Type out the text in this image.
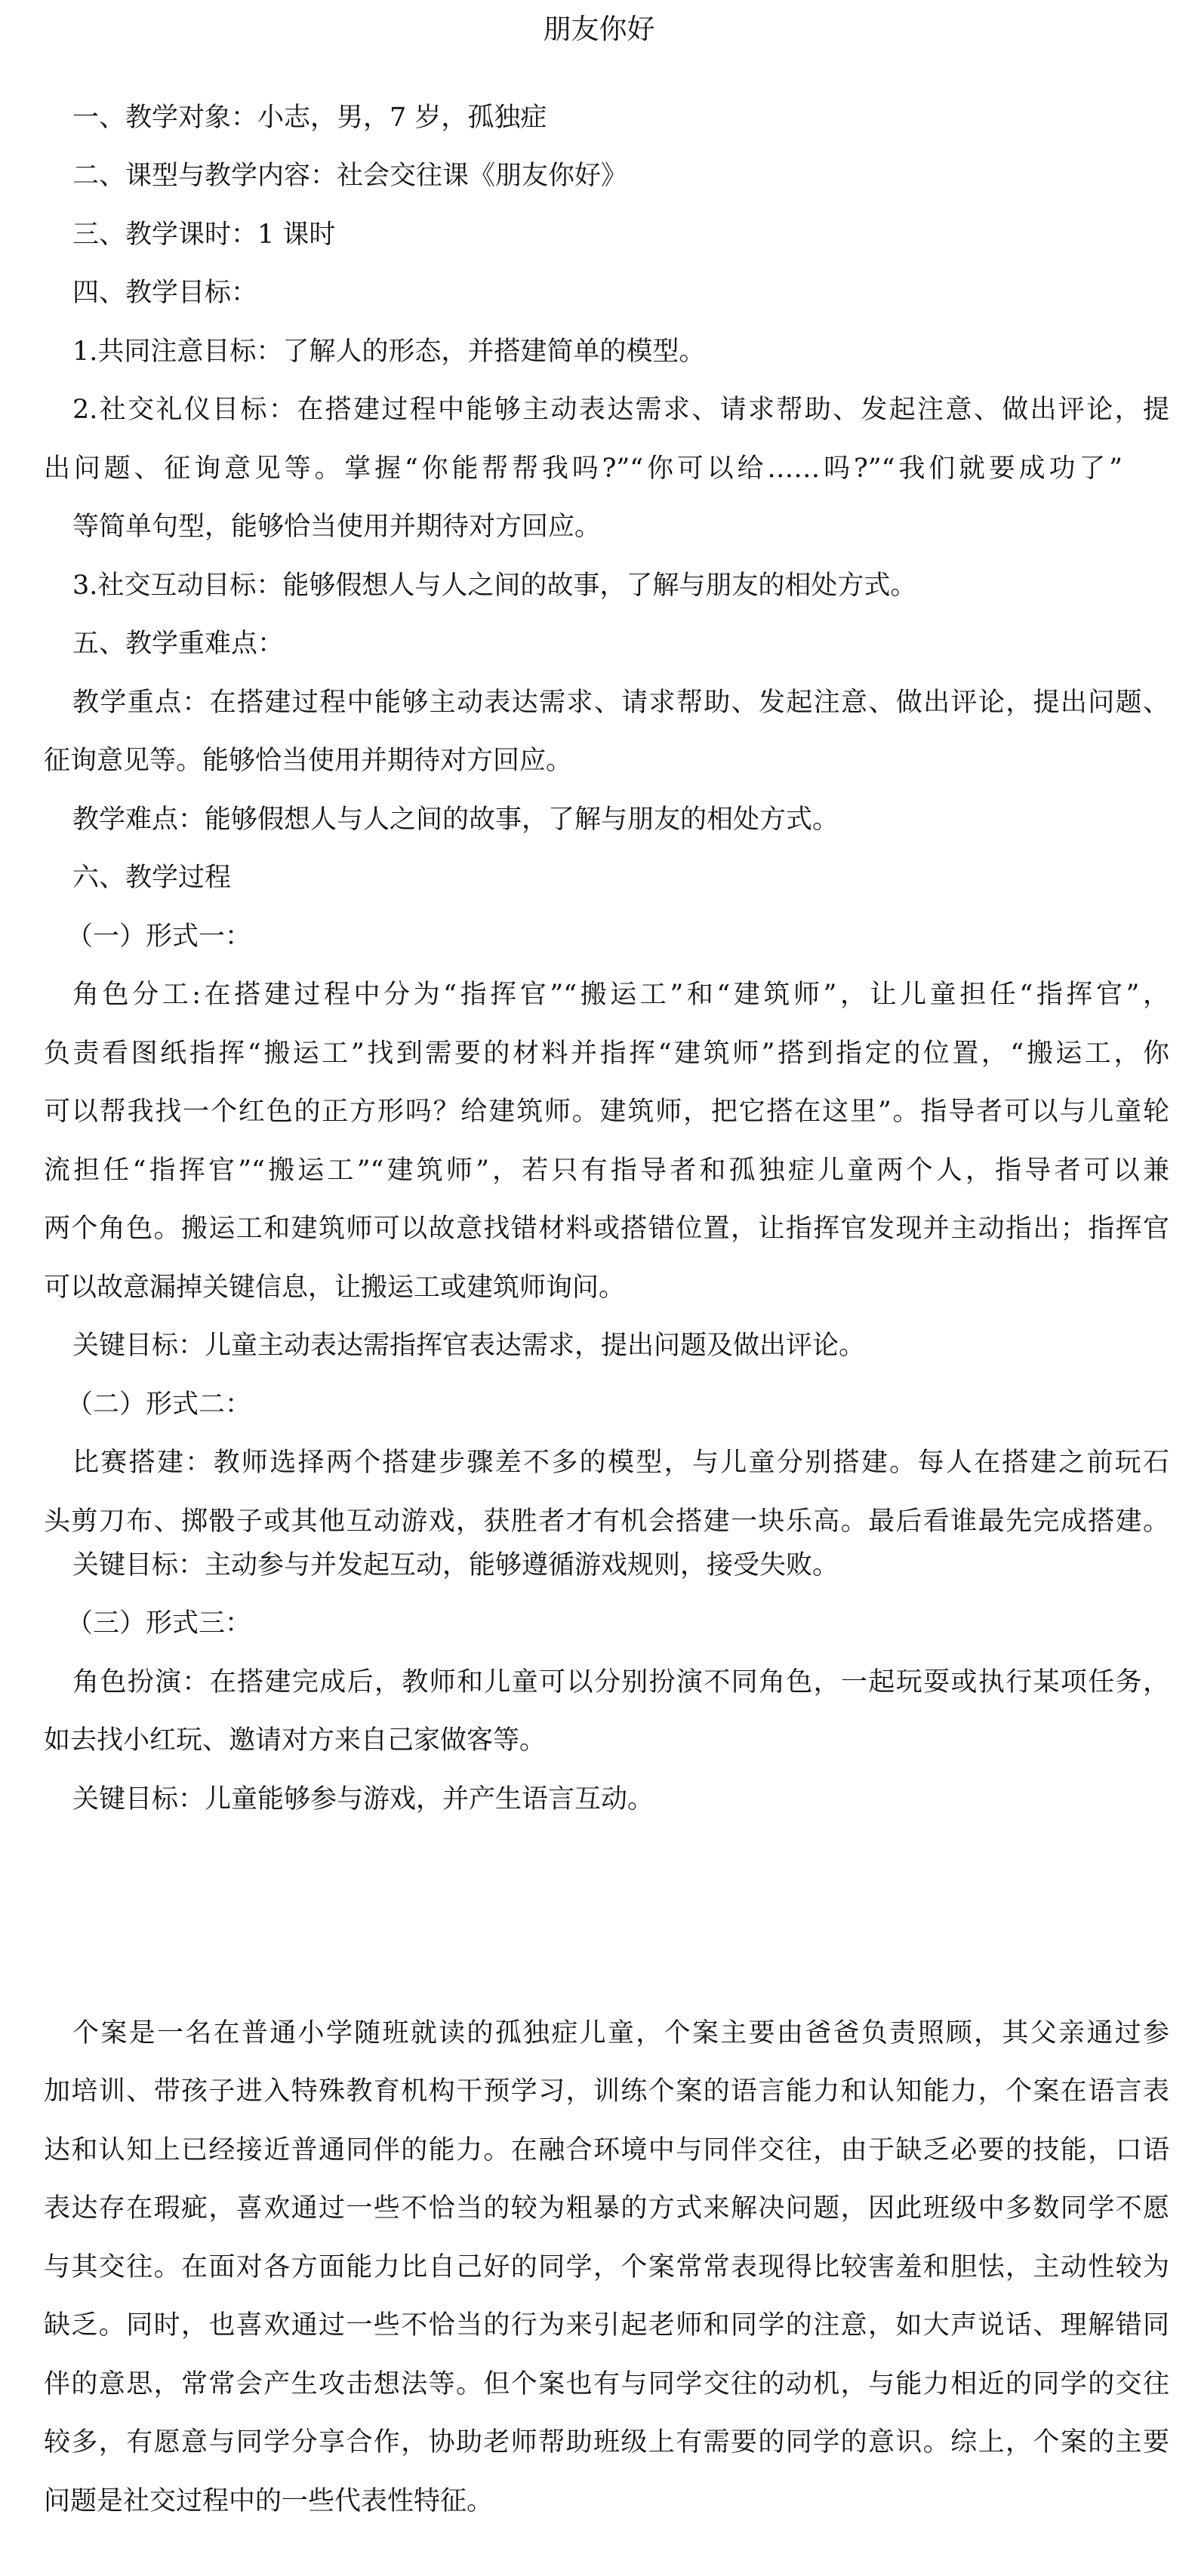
朋友你好
一、教学对象：小志，男，7 岁，孤独症
二、课型与教学内容：社会交往课《朋友你好》
三、教学课时：1 课时
四、教学目标：
1.共同注意目标：了解人的形态，并搭建简单的模型。
2.社交礼仪目标：在搭建过程中能够主动表达需求、请求帮助、发起注意、做出评论，提
出问题、征询意见等。掌握“你能帮帮我吗?”“你可以给……吗?”“我们就要成功了”
等简单句型，能够恰当使用并期待对方回应。
3.社交互动目标：能够假想人与人之间的故事，了解与朋友的相处方式。
五、教学重难点：
教学重点：在搭建过程中能够主动表达需求、请求帮助、发起注意、做出评论，提出问题、
征询意见等。能够恰当使用并期待对方回应。
教学难点：能够假想人与人之间的故事，了解与朋友的相处方式。
六、教学过程
（一）形式一：
角色分工:在搭建过程中分为“指挥官”“搬运工”和“建筑师”，让儿童担任“指挥官”，
负责看图纸指挥“搬运工”找到需要的材料并指挥“建筑师”搭到指定的位置，“搬运工，你
可以帮我找一个红色的正方形吗？给建筑师。建筑师，把它搭在这里”。指导者可以与儿童轮
流担任“指挥官”“搬运工”“建筑师”，若只有指导者和孤独症儿童两个人，指导者可以兼
两个角色。搬运工和建筑师可以故意找错材料或搭错位置，让指挥官发现并主动指出；指挥官
可以故意漏掉关键信息，让搬运工或建筑师询问。
关键目标：儿童主动表达需指挥官表达需求，提出问题及做出评论。
（二）形式二：
比赛搭建：教师选择两个搭建步骤差不多的模型，与儿童分别搭建。每人在搭建之前玩石
头剪刀布、掷骰子或其他互动游戏，获胜者才有机会搭建一块乐高。最后看谁最先完成搭建。
关键目标：主动参与并发起互动，能够遵循游戏规则，接受失败。
（三）形式三：
角色扮演：在搭建完成后，教师和儿童可以分别扮演不同角色，一起玩耍或执行某项任务，
如去找小红玩、邀请对方来自己家做客等。
关键目标：儿童能够参与游戏，并产生语言互动。
个案是一名在普通小学随班就读的孤独症儿童，个案主要由爸爸负责照顾，其父亲通过参
加培训、带孩子进入特殊教育机构干预学习，训练个案的语言能力和认知能力，个案在语言表
达和认知上已经接近普通同伴的能力。在融合环境中与同伴交往，由于缺乏必要的技能，口语
表达存在瑕疵，喜欢通过一些不恰当的较为粗暴的方式来解决问题，因此班级中多数同学不愿
与其交往。在面对各方面能力比自己好的同学，个案常常表现得比较害羞和胆怯，主动性较为
缺乏。同时，也喜欢通过一些不恰当的行为来引起老师和同学的注意，如大声说话、理解错同
伴的意思，常常会产生攻击想法等。但个案也有与同学交往的动机，与能力相近的同学的交往
较多，有愿意与同学分享合作，协助老师帮助班级上有需要的同学的意识。综上，个案的主要
问题是社交过程中的一些代表性特征。
